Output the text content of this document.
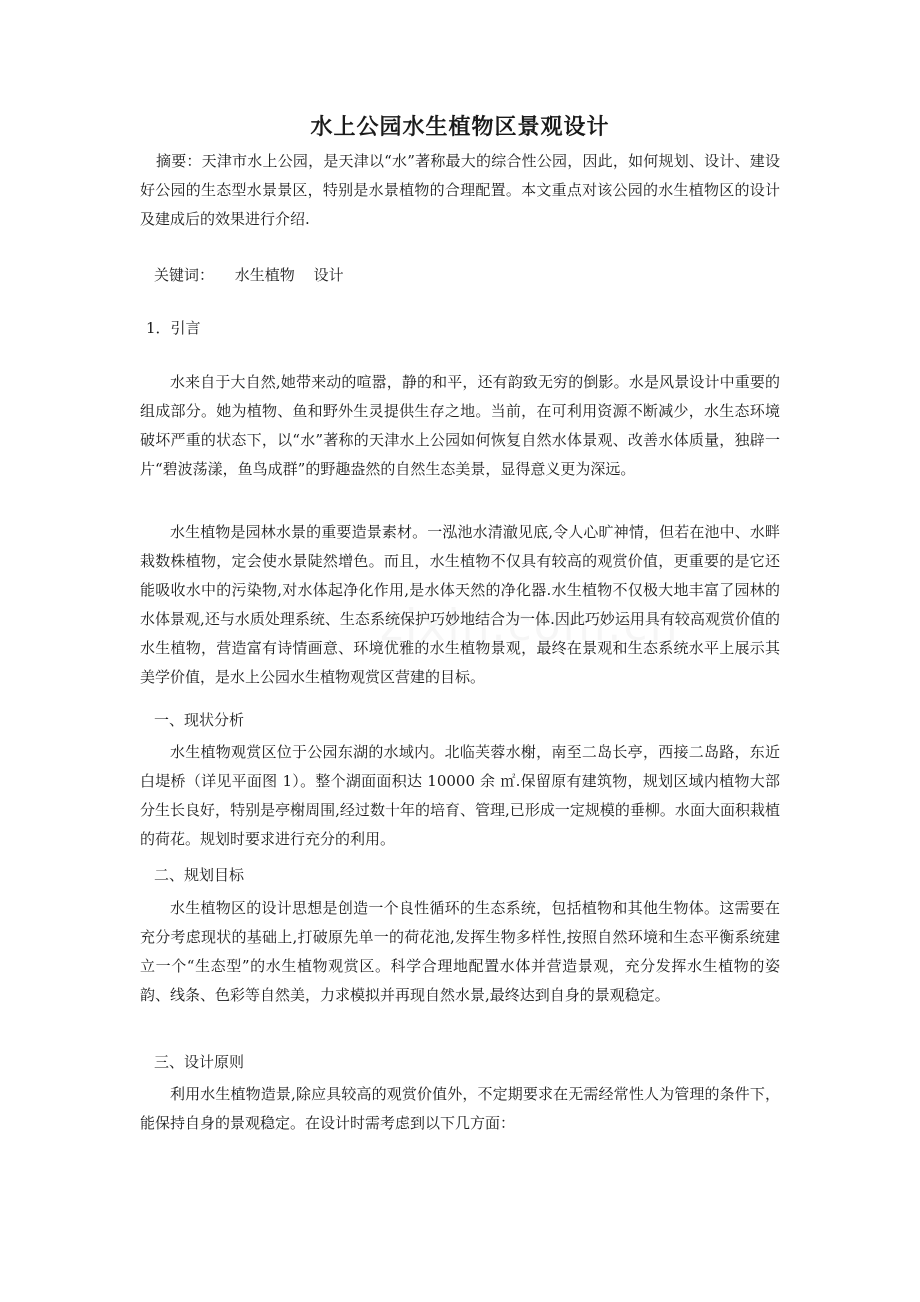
水上公园水生植物区景观设计
摘要：天津市水上公园，是天津以“水”著称最大的综合性公园，因此，如何规划、设计、建设好公园的生态型水景景区，特别是水景植物的合理配置。本文重点对该公园的水生植物区的设计及建成后的效果进行介绍.
关键词： 水生植物 设计
1．引言
水来自于大自然,她带来动的喧嚣，静的和平，还有韵致无穷的倒影。水是风景设计中重要的组成部分。她为植物、鱼和野外生灵提供生存之地。当前，在可利用资源不断减少，水生态环境破坏严重的状态下，以“水”著称的天津水上公园如何恢复自然水体景观、改善水体质量，独辟一片“碧波荡漾，鱼鸟成群”的野趣盎然的自然生态美景，显得意义更为深远。
水生植物是园林水景的重要造景素材。一泓池水清澈见底,令人心旷神情，但若在池中、水畔栽数株植物，定会使水景陡然增色。而且，水生植物不仅具有较高的观赏价值，更重要的是它还能吸收水中的污染物,对水体起净化作用,是水体天然的净化器.水生植物不仅极大地丰富了园林的水体景观,还与水质处理系统、生态系统保护巧妙地结合为一体.因此巧妙运用具有较高观赏价值的水生植物，营造富有诗情画意、环境优雅的水生植物景观，最终在景观和生态系统水平上展示其美学价值，是水上公园水生植物观赏区营建的目标。
一、现状分析
水生植物观赏区位于公园东湖的水域内。北临芙蓉水榭，南至二岛长亭，西接二岛路，东近白堤桥（详见平面图 1）。整个湖面面积达 10000 余 ㎡.保留原有建筑物，规划区域内植物大部分生长良好，特别是亭榭周围,经过数十年的培育、管理,已形成一定规模的垂柳。水面大面积栽植的荷花。规划时要求进行充分的利用。
二、规划目标
水生植物区的设计思想是创造一个良性循环的生态系统，包括植物和其他生物体。这需要在充分考虑现状的基础上,打破原先单一的荷花池,发挥生物多样性,按照自然环境和生态平衡系统建立一个“生态型”的水生植物观赏区。科学合理地配置水体并营造景观，充分发挥水生植物的姿韵、线条、色彩等自然美，力求模拟并再现自然水景,最终达到自身的景观稳定。
三、设计原则
利用水生植物造景,除应具较高的观赏价值外，不定期要求在无需经常性人为管理的条件下，能保持自身的景观稳定。在设计时需考虑到以下几方面：
